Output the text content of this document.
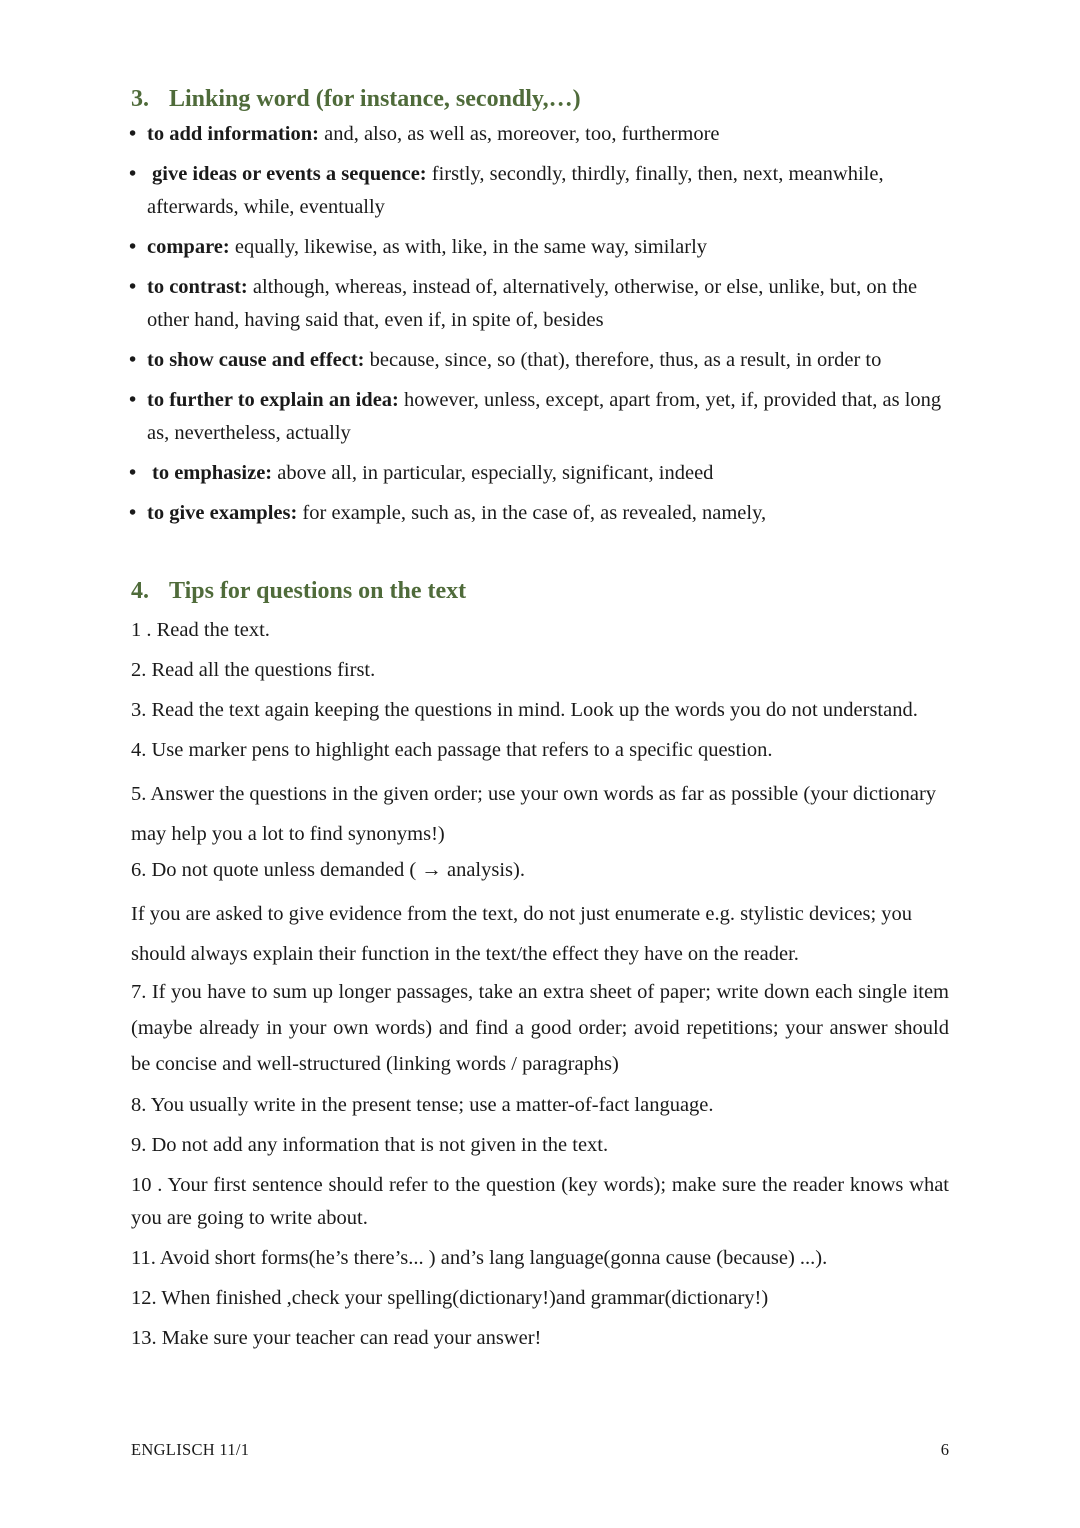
3. Linking word (for instance, secondly,…)
• to add information: and, also, as well as, moreover, too, furthermore
• give ideas or events a sequence: firstly, secondly, thirdly, finally, then, next, meanwhile, afterwards, while, eventually
• compare: equally, likewise, as with, like, in the same way, similarly
• to contrast: although, whereas, instead of, alternatively, otherwise, or else, unlike, but, on the other hand, having said that, even if, in spite of, besides
• to show cause and effect: because, since, so (that), therefore, thus, as a result, in order to
• to further to explain an idea: however, unless, except, apart from, yet, if, provided that, as long as, nevertheless, actually
• to emphasize: above all, in particular, especially, significant, indeed
• to give examples: for example, such as, in the case of, as revealed, namely,
4. Tips for questions on the text

1 . Read the text.

2. Read all the questions first.

3. Read the text again keeping the questions in mind. Look up the words you do not understand.

4. Use marker pens to highlight each passage that refers to a specific question.

5. Answer the questions in the given order; use your own words as far as possible (your dictionary may help you a lot to find synonyms!)

6. Do not quote unless demanded ( → analysis).

If you are asked to give evidence from the text, do not just enumerate e.g. stylistic devices; you should always explain their function in the text/the effect they have on the reader.

7. If you have to sum up longer passages, take an extra sheet of paper; write down each single item (maybe already in your own words) and find a good order; avoid repetitions; your answer should be concise and well-structured (linking words / paragraphs)

8. You usually write in the present tense; use a matter-of-fact language.

9. Do not add any information that is not given in the text.

10 . Your first sentence should refer to the question (key words); make sure the reader knows what you are going to write about.

11. Avoid short forms(he’s there’s... ) and’s lang language(gonna cause (because) ...).

12. When finished ,check your spelling(dictionary!)and grammar(dictionary!)

13. Make sure your teacher can read your answer!

ENGLISCH 11/1	6
